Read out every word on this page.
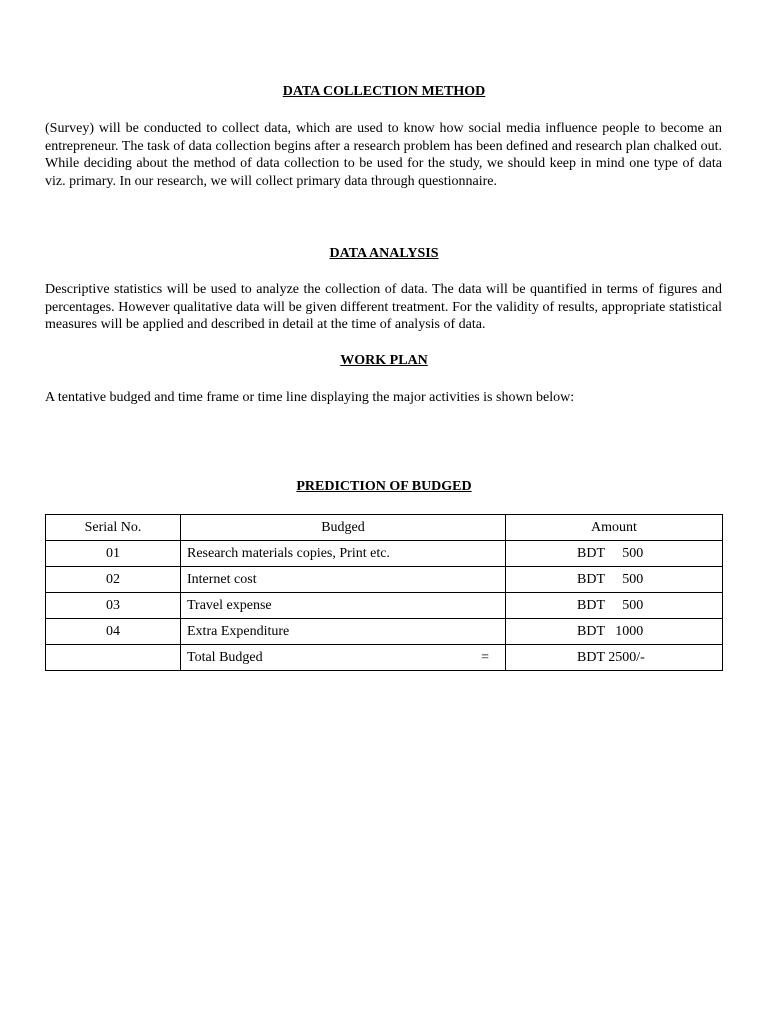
DATA COLLECTION METHOD

(Survey) will be conducted to collect data, which are used to know how social media influence people to become an entrepreneur. The task of data collection begins after a research problem has been defined and research plan chalked out. While deciding about the method of data collection to be used for the study, we should keep in mind one type of data viz. primary. In our research, we will collect primary data through questionnaire.

DATA ANALYSIS

Descriptive statistics will be used to analyze the collection of data. The data will be quantified in terms of figures and percentages. However qualitative data will be given different treatment. For the validity of results, appropriate statistical measures will be applied and described in detail at the time of analysis of data.

WORK PLAN

A tentative budged and time frame or time line displaying the major activities is shown below:

PREDICTION OF BUDGED
Serial No.	Budged	Amount
01	Research materials copies, Print etc.	BDT 500
02	Internet cost	BDT 500
03	Travel expense	BDT 500
04	Extra Expenditure	BDT 1000

	Total Budged =	BDT 2500/-
